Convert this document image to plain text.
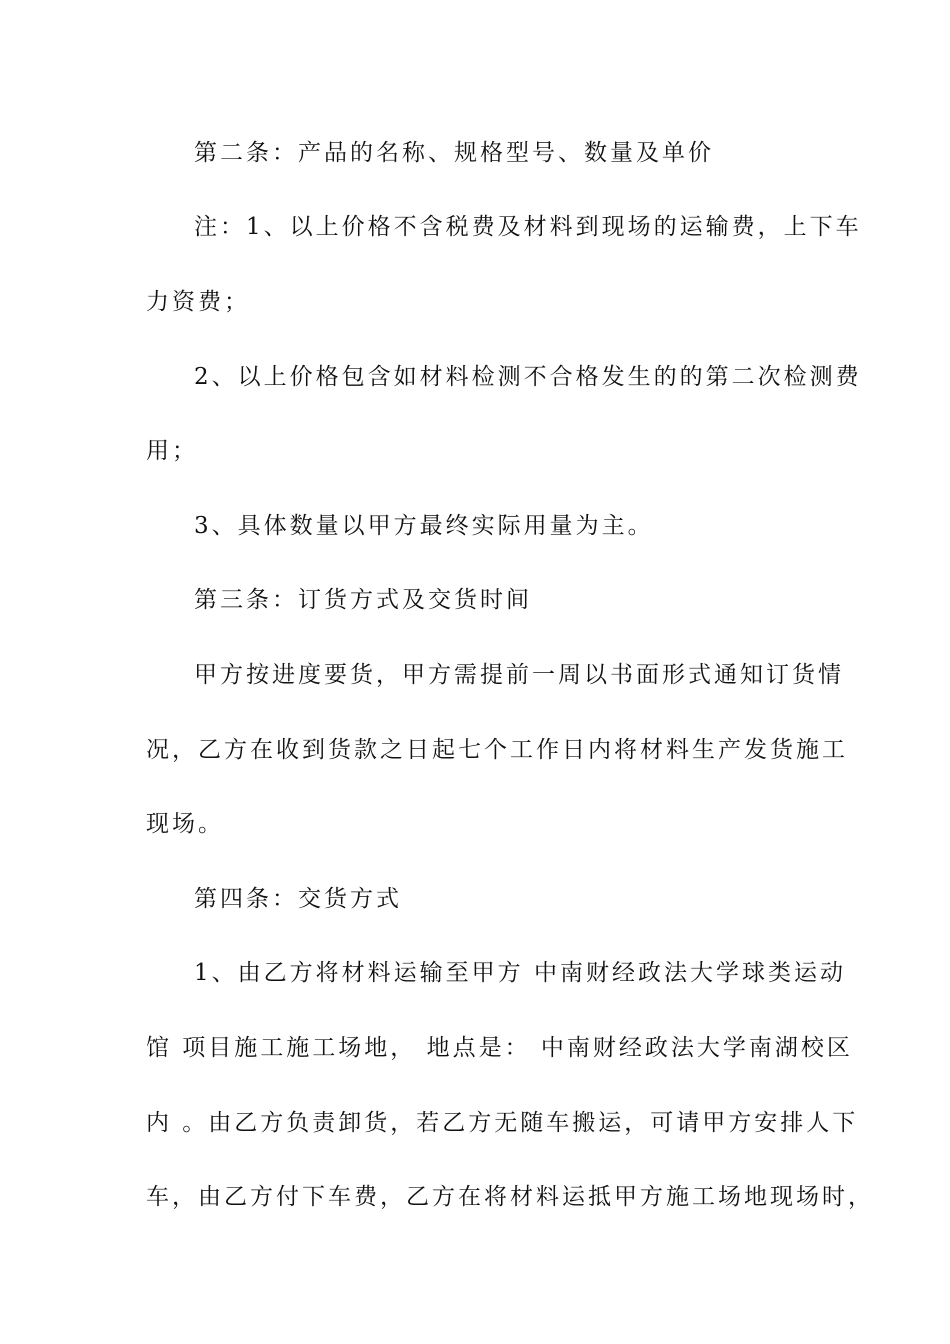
第二条：产品的名称、规格型号、数量及单价

注：1、以上价格不含税费及材料到现场的运输费，上下车

力资费；

2、以上价格包含如材料检测不合格发生的的第二次检测费

用；

3、具体数量以甲方最终实际用量为主。

第三条：订货方式及交货时间

甲方按进度要货，甲方需提前一周以书面形式通知订货情

况，乙方在收到货款之日起七个工作日内将材料生产发货施工

现场。

第四条：交货方式

1、由乙方将材料运输至甲方 中南财经政法大学球类运动

馆 项目施工施工场地， 地点是： 中南财经政法大学南湖校区

内 。由乙方负责卸货，若乙方无随车搬运，可请甲方安排人下

车，由乙方付下车费，乙方在将材料运抵甲方施工场地现场时，
